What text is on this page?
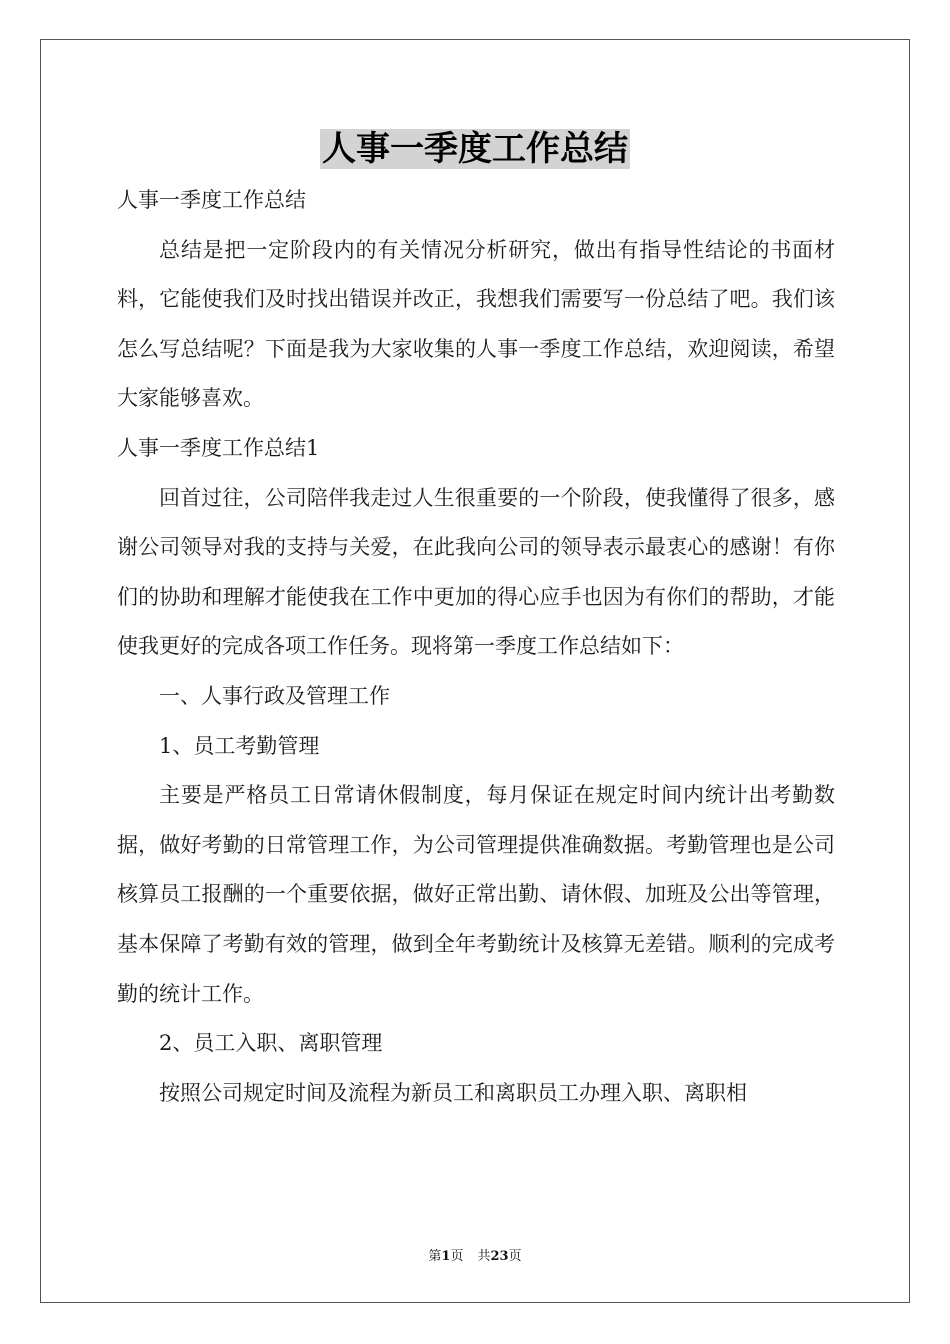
人事一季度工作总结

人事一季度工作总结

总结是把一定阶段内的有关情况分析研究，做出有指导性结论的书面材料，它能使我们及时找出错误并改正，我想我们需要写一份总结了吧。我们该怎么写总结呢？下面是我为大家收集的人事一季度工作总结，欢迎阅读，希望大家能够喜欢。

人事一季度工作总结1

回首过往，公司陪伴我走过人生很重要的一个阶段，使我懂得了很多，感谢公司领导对我的支持与关爱，在此我向公司的领导表示最衷心的感谢！有你们的协助和理解才能使我在工作中更加的得心应手也因为有你们的帮助，才能使我更好的完成各项工作任务。现将第一季度工作总结如下：

一、人事行政及管理工作

1、员工考勤管理

主要是严格员工日常请休假制度，每月保证在规定时间内统计出考勤数据，做好考勤的日常管理工作，为公司管理提供准确数据。考勤管理也是公司核算员工报酬的一个重要依据，做好正常出勤、请休假、加班及公出等管理，基本保障了考勤有效的管理，做到全年考勤统计及核算无差错。顺利的完成考勤的统计工作。

2、员工入职、离职管理

按照公司规定时间及流程为新员工和离职员工办理入职、离职相

第1页 共23页
